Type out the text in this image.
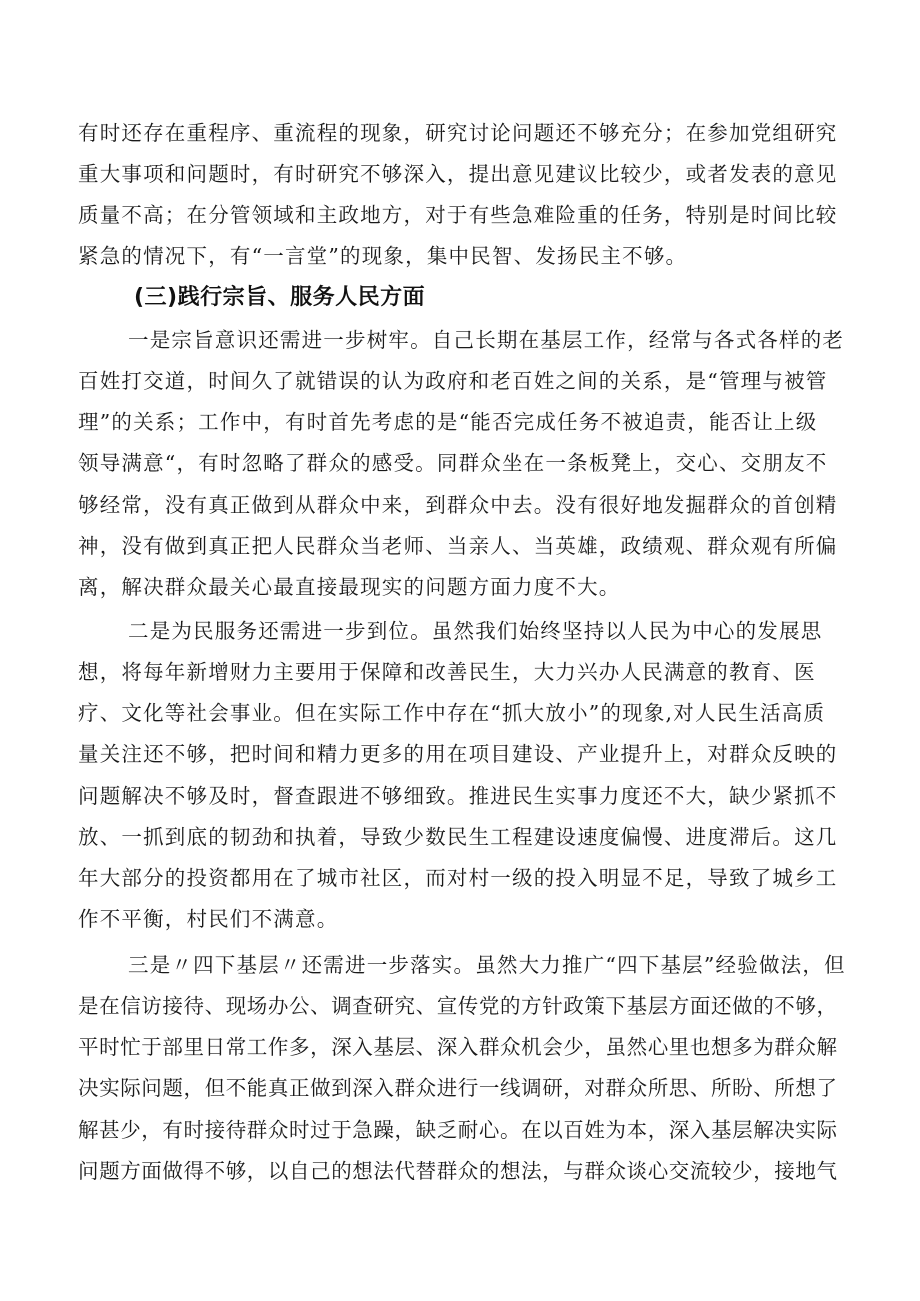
有时还存在重程序、重流程的现象，研究讨论问题还不够充分；在参加党组研究
重大事项和问题时，有时研究不够深入，提出意见建议比较少，或者发表的意见
质量不高；在分管领域和主政地方，对于有些急难险重的任务，特别是时间比较
紧急的情况下，有“一言堂”的现象，集中民智、发扬民主不够。
(三)践行宗旨、服务人民方面
一是宗旨意识还需进一步树牢。自己长期在基层工作，经常与各式各样的老
百姓打交道，时间久了就错误的认为政府和老百姓之间的关系，是“管理与被管
理”的关系；工作中，有时首先考虑的是“能否完成任务不被追责，能否让上级
领导满意“，有时忽略了群众的感受。同群众坐在一条板凳上，交心、交朋友不
够经常，没有真正做到从群众中来，到群众中去。没有很好地发掘群众的首创精
神，没有做到真正把人民群众当老师、当亲人、当英雄，政绩观、群众观有所偏
离，解决群众最关心最直接最现实的问题方面力度不大。
二是为民服务还需进一步到位。虽然我们始终坚持以人民为中心的发展思
想，将每年新增财力主要用于保障和改善民生，大力兴办人民满意的教育、医
疗、文化等社会事业。但在实际工作中存在“抓大放小”的现象,对人民生活高质
量关注还不够，把时间和精力更多的用在项目建设、产业提升上，对群众反映的
问题解决不够及时，督查跟进不够细致。推进民生实事力度还不大，缺少紧抓不
放、一抓到底的韧劲和执着，导致少数民生工程建设速度偏慢、进度滞后。这几
年大部分的投资都用在了城市社区，而对村一级的投入明显不足，导致了城乡工
作不平衡，村民们不满意。
三是〃四下基层〃还需进一步落实。虽然大力推广“四下基层”经验做法，但
是在信访接待、现场办公、调查研究、宣传党的方针政策下基层方面还做的不够，
平时忙于部里日常工作多，深入基层、深入群众机会少，虽然心里也想多为群众解
决实际问题，但不能真正做到深入群众进行一线调研，对群众所思、所盼、所想了
解甚少，有时接待群众时过于急躁，缺乏耐心。在以百姓为本，深入基层解决实际
问题方面做得不够，以自己的想法代替群众的想法，与群众谈心交流较少，接地气
